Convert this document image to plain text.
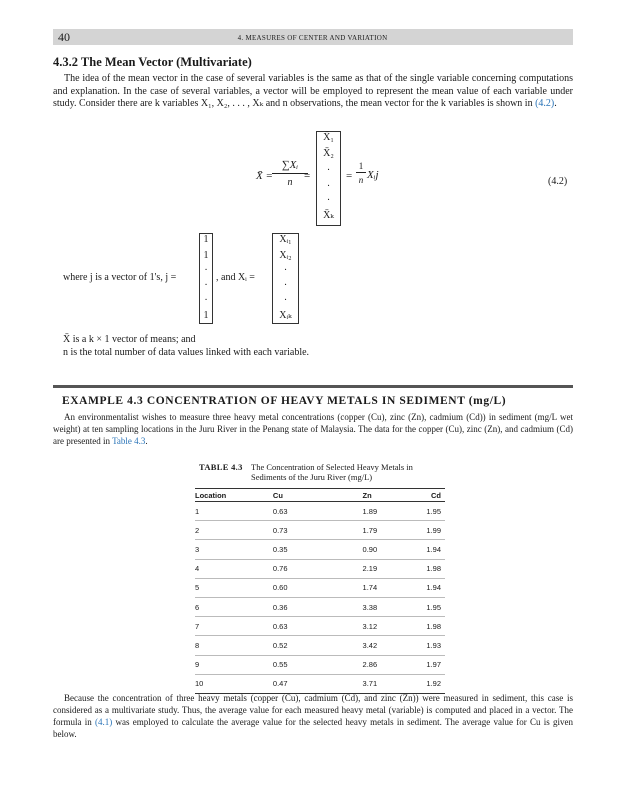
40	4. MEASURES OF CENTER AND VARIATION
4.3.2 The Mean Vector (Multivariate)
The idea of the mean vector in the case of several variables is the same as that of the single variable concerning computations and explanation. In the case of several variables, a vector will be employed to represent the mean value of each variable under study. Consider there are k variables X₁, X₂, . . . , Xₖ and n observations, the mean vector for the k variables is shown in (4.2).
X̄ =
∑Xᵢ
n
=
X̄₁
X̄₂
·
·
·
X̄ₖ
=
1
n Xᵢj
(4.2)
where j is a vector of 1's, j =
1
1
·
·
·
1
, and Xᵢ =
Xᵢ₁
Xᵢ₂
·
·
·
Xᵢₖ
X̄ is a k × 1 vector of means; and
n is the total number of data values linked with each variable.
EXAMPLE 4.3 CONCENTRATION OF HEAVY METALS IN SEDIMENT (mg/L)
An environmentalist wishes to measure three heavy metal concentrations (copper (Cu), zinc (Zn), cadmium (Cd)) in sediment (mg/L wet weight) at ten sampling locations in the Juru River in the Penang state of Malaysia. The data for the copper (Cu), zinc (Zn), and cadmium (Cd) are presented in Table 4.3.
TABLE 4.3 The Concentration of Selected Heavy Metals in Sediments of the Juru River (mg/L)
Location	Cu	Zn	Cd
1	0.63	1.89	1.95
2	0.73	1.79	1.99
3	0.35	0.90	1.94
4	0.76	2.19	1.98
5	0.60	1.74	1.94
6	0.36	3.38	1.95
7	0.63	3.12	1.98
8	0.52	3.42	1.93
9	0.55	2.86	1.97
10	0.47	3.71	1.92
Because the concentration of three heavy metals (copper (Cu), cadmium (Cd), and zinc (Zn)) were measured in sediment, this case is considered as a multivariate study. Thus, the average value for each measured heavy metal (variable) is computed and placed in a vector. The formula in (4.1) was employed to calculate the average value for the selected heavy metals in sediment. The average value for Cu is given below.
